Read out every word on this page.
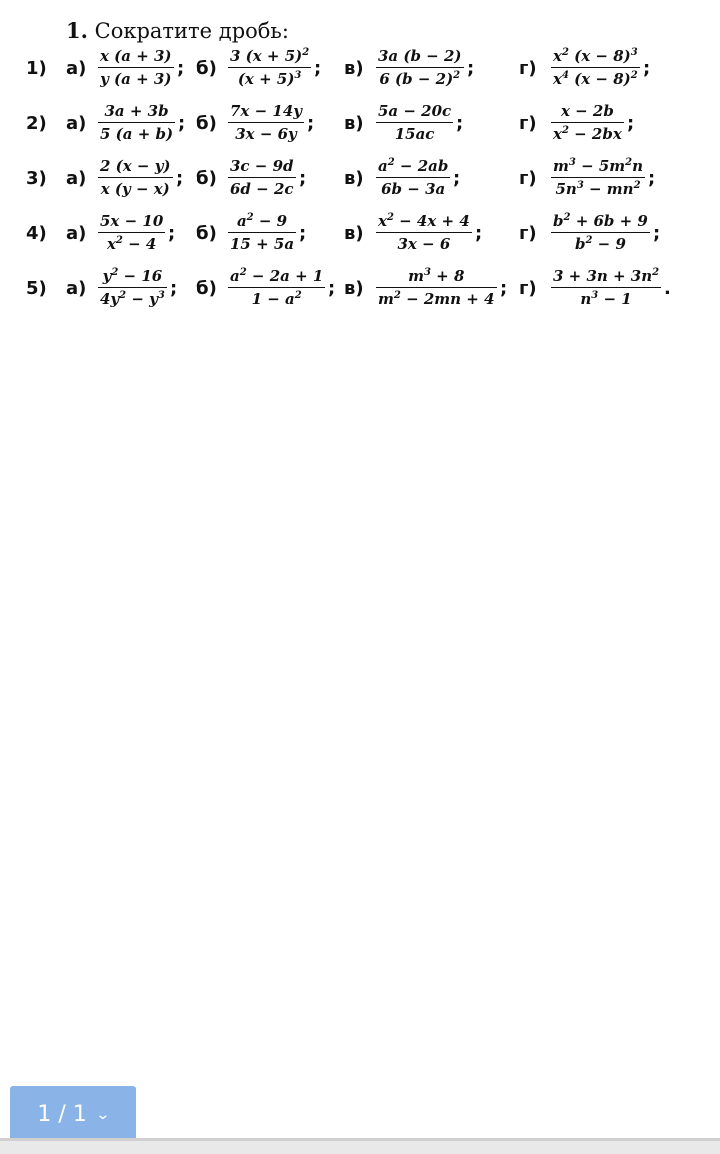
1. Сократите дробь:
1) а)
x (a + 3)
y (a + 3) ; б)
3 $(x + 5)^2$
$(x + 5)^3$ ; в)
3a (b − 2)
6 $(b - 2)^2$ ; г)
$x^2$ $(x - 8)^3$
$x^4$ $(x - 8)^2$ ;
2) а)
3a + 3b
5 (a + b) ; б)
7x − 14y
3x − 6y ; в)
5a − 20c
15ac ;	г)
x − 2b
$x^2 - 2bx$ ;
3) а)
2 (x − y)
x (y − x) ; б)
3c − 9d
6d − 2c ; в)
$a^2 - 2ab$
6b − 3a ;	г)
$m^3 - 5m^2n$
$5n^3 - mn^2$ ;
4) а)
5x − 10
$x^2 - 4$ ; б)
$a^2 - 9$
15 + 5a ; в)
$x^2 - 4x + 4$
3x − 6 ; г)
$b^2 + 6b + 9$
$b^2 - 9$ ;
5) а)
$y^2 - 16$
$4y^2 - y^3$ ; б)
$a^2 - 2a + 1$
$1 - a^2$ ; в)
$m^3 + 8$
$m^2 - 2mn + 4$ ; г)
$3 + 3n + 3n^2$
$n^3 - 1$ .
1 / 1 ⌄
